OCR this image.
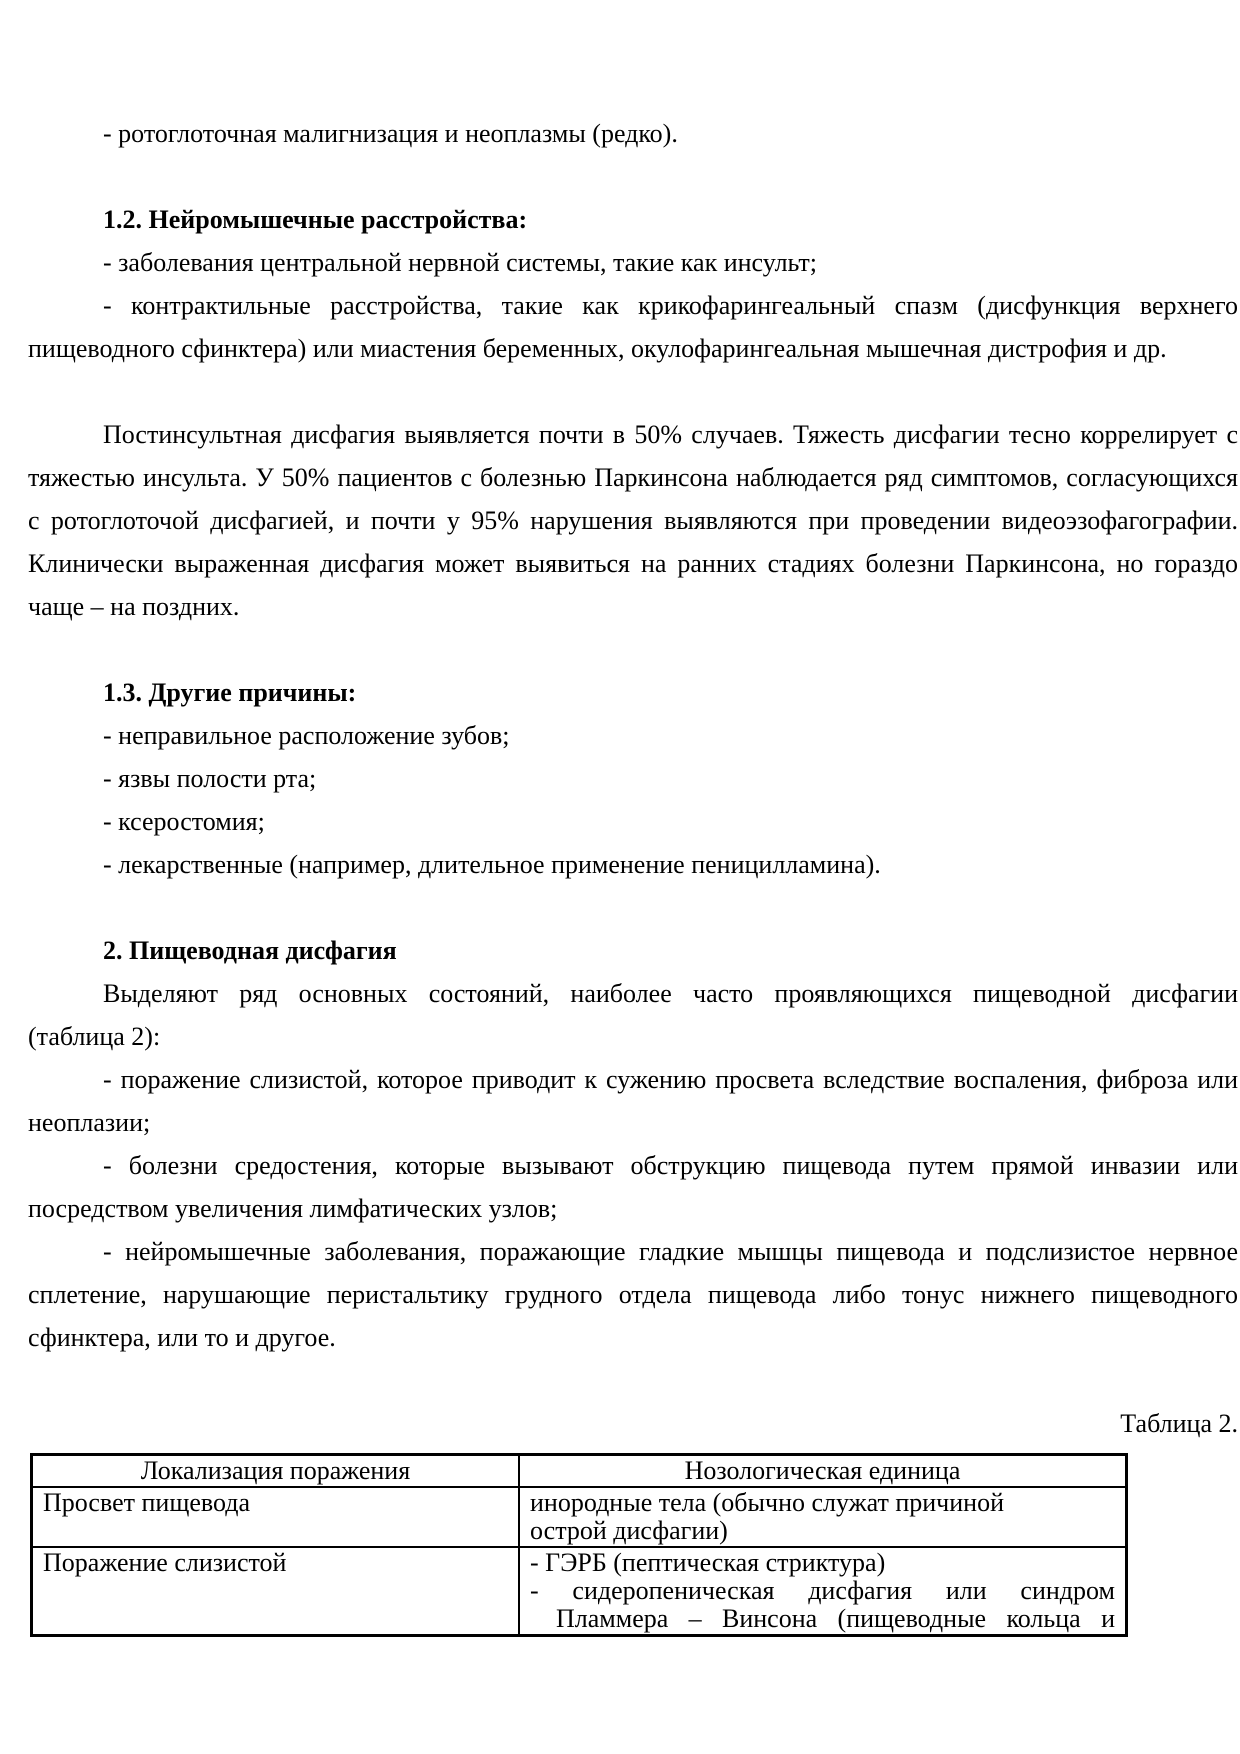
- ротоглоточная малигнизация и неоплазмы (редко).
1.2. Нейромышечные расстройства:
- заболевания центральной нервной системы, такие как инсульт;
- контрактильные расстройства, такие как крикофарингеальный спазм (дисфункция верхнего
пищеводного сфинктера) или миастения беременных, окулофарингеальная мышечная дистрофия и др.
Постинсультная дисфагия выявляется почти в 50% случаев. Тяжесть дисфагии тесно коррелирует с
тяжестью инсульта. У 50% пациентов с болезнью Паркинсона наблюдается ряд симптомов, согласующихся
с ротоглоточой дисфагией, и почти у 95% нарушения выявляются при проведении видеоэзофагографии.
Клинически выраженная дисфагия может выявиться на ранних стадиях болезни Паркинсона, но гораздо
чаще – на поздних.
1.3. Другие причины:
- неправильное расположение зубов;
- язвы полости рта;
- ксеростомия;
- лекарственные (например, длительное применение пеницилламина).
2. Пищеводная дисфагия
Выделяют ряд основных состояний, наиболее часто проявляющихся пищеводной дисфагии
(таблица 2):
- поражение слизистой, которое приводит к сужению просвета вследствие воспаления, фиброза или
неоплазии;
- болезни средостения, которые вызывают обструкцию пищевода путем прямой инвазии или
посредством увеличения лимфатических узлов;
- нейромышечные заболевания, поражающие гладкие мышцы пищевода и подслизистое нервное
сплетение, нарушающие перистальтику грудного отдела пищевода либо тонус нижнего пищеводного
сфинктера, или то и другое.
Таблица 2.
Локализация поражения	Нозологическая единица

Просвет пищевода	инородные тела (обычно служат причиной
острой дисфагии)

Поражение слизистой	- ГЭРБ (пептическая стриктура)
- сидеропеническая дисфагия или синдром
Пламмера – Винсона (пищеводные кольца и
